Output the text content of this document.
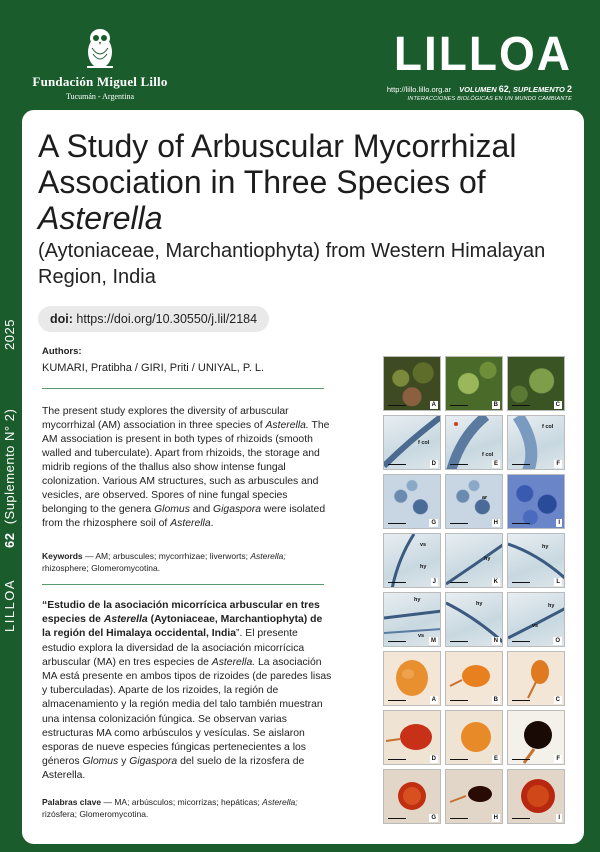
Fundación Miguel Lillo
Tucumán - Argentina
LILLOA
http://lillo.lillo.org.ar VOLUMEN 62, SUPLEMENTO 2
INTERACCIONES BIOLÓGICAS EN UN MUNDO CAMBIANTE
2025
62  (Suplemento N° 2)
LILLOA
A Study of Arbuscular Mycorrhizal
Association in Three Species of
Asterella
(Aytoniaceae, Marchantiophyta) from Western Himalayan Region, India
doi: https://doi.org/10.30550/j.lil/2184
Authors:
KUMARI, Pratibha / GIRI, Priti / UNIYAL, P. L.
The present study explores the diversity of arbuscular mycorrhizal (AM) association in three species of Asterella. The AM association is present in both types of rhizoids (smooth walled and tuberculate). Apart from rhizoids, the storage and midrib regions of the thallus also show intense fungal colonization. Various AM structures, such as arbuscules and vesicles, are observed. Spores of nine fungal species belonging to the genera Glomus and Gigaspora were isolated from the rhizosphere soil of Asterella.
Keywords — AM; arbuscules; mycorrhizae; liverworts; Asterella; rhizosphere; Glomeromycotina.
“Estudio de la asociación micorrícica arbuscular en tres especies de Asterella (Aytoniaceae, Marchantiophyta) de la región del Himalaya occidental, India”. El presente estudio explora la diversidad de la asociación micorrícica arbuscular (MA) en tres especies de Asterella. La asociación MA está presente en ambos tipos de rizoides (de paredes lisas y tuberculadas). Aparte de los rizoides, la región de almacenamiento y la región media del talo también muestran una intensa colonización fúngica. Se observan varias estructuras MA como arbúsculos y vesículas. Se aislaron esporas de nueve especies fúngicas pertenecientes a los géneros Glomus y Gigaspora del suelo de la rizosfera de Asterella.
Palabras clave — MA; arbúsculos; micorrizas; hepáticas; Asterella; rizósfera; Glomeromycotina.
A	B	C
f col
D
f col
E
f col
F
G
ar
H	I
vs
hy
J
hy
K
hy
L
hy
vs
M
hy
N
hy
vs
O
A	B	C
D	E	F
G	H	I
